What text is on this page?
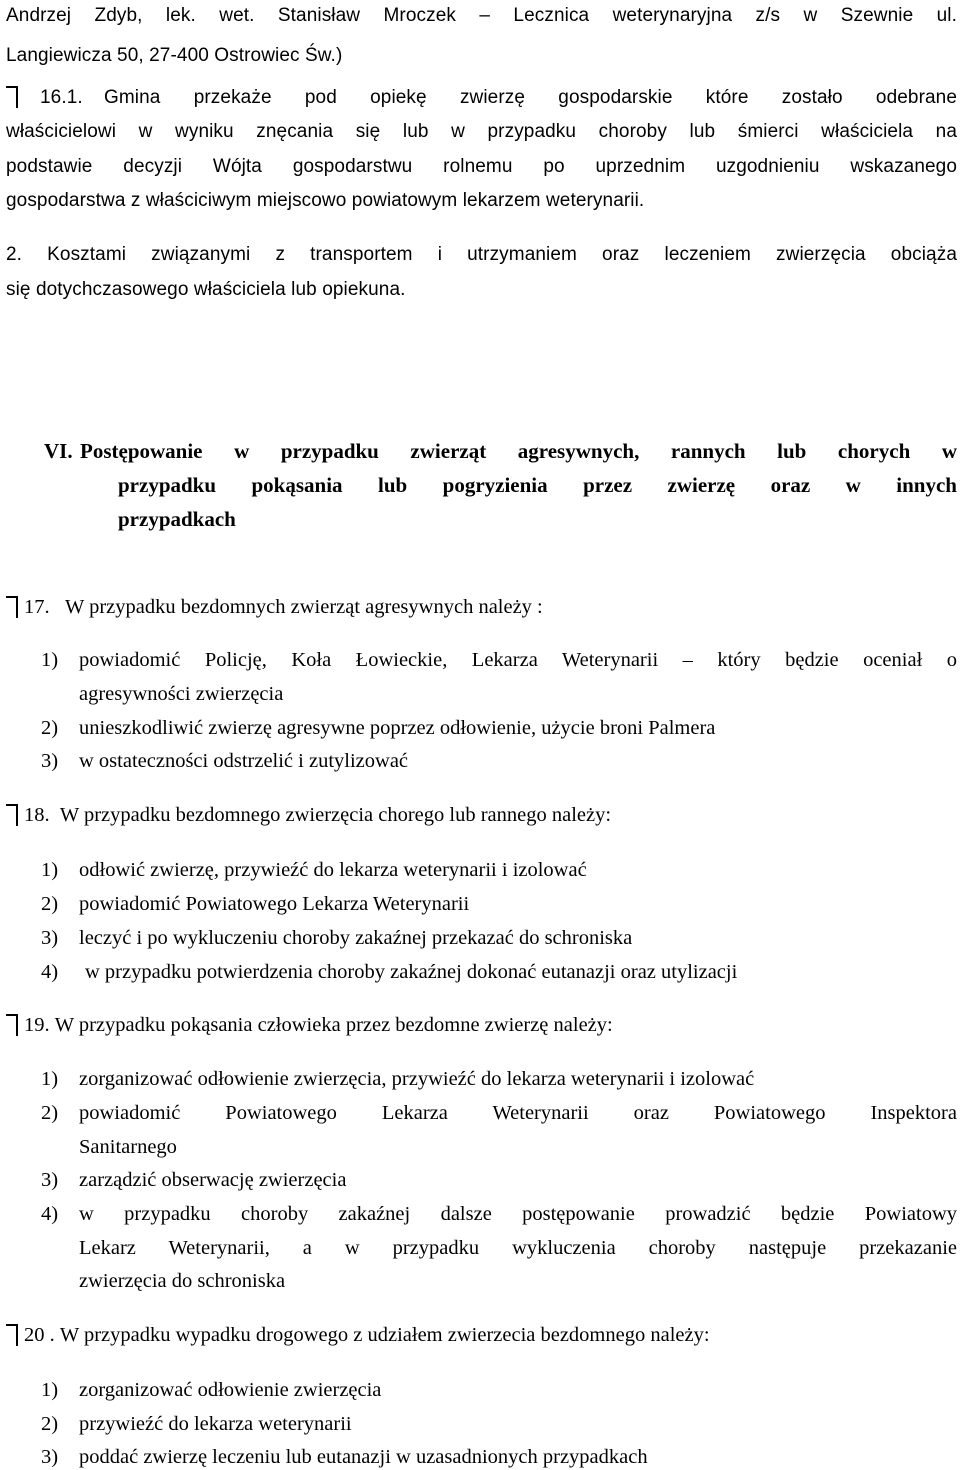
Andrzej Zdyb, lek. wet. Stanisław Mroczek – Lecznica weterynaryjna z/s w Szewnie ul.
Langiewicza 50, 27-400 Ostrowiec Św.)
16.1.	Gmina przekaże pod opiekę zwierzę gospodarskie które zostało odebrane
właścicielowi w wyniku znęcania się lub w przypadku choroby lub śmierci właściciela na
podstawie decyzji Wójta gospodarstwu rolnemu po uprzednim uzgodnieniu wskazanego
gospodarstwa z właściciwym miejscowo powiatowym lekarzem weterynarii.
2. Kosztami związanymi z transportem i utrzymaniem oraz leczeniem zwierzęcia obciąża
się dotychczasowego właściciela lub opiekuna.
VI. Postępowanie w przypadku zwierząt agresywnych, rannych lub chorych w
przypadku pokąsania lub pogryzienia przez zwierzę oraz w innych
przypadkach
17. W przypadku bezdomnych zwierząt agresywnych należy :
1)	powiadomić Policję, Koła Łowieckie, Lekarza Weterynarii – który będzie oceniał o
agresywności zwierzęcia
2) unieszkodliwić zwierzę agresywne poprzez odłowienie, użycie broni Palmera
3) w ostateczności odstrzelić i zutylizować
18. W przypadku bezdomnego zwierzęcia chorego lub rannego należy:
1) odłowić zwierzę, przywieźć do lekarza weterynarii i izolować
2) powiadomić Powiatowego Lekarza Weterynarii
3) leczyć i po wykluczeniu choroby zakaźnej przekazać do schroniska
4) w przypadku potwierdzenia choroby zakaźnej dokonać eutanazji oraz utylizacji
19. W przypadku pokąsania człowieka przez bezdomne zwierzę należy:
1) zorganizować odłowienie zwierzęcia, przywieźć do lekarza weterynarii i izolować
2)	powiadomić Powiatowego Lekarza Weterynarii oraz Powiatowego Inspektora
Sanitarnego
3) zarządzić obserwację zwierzęcia
4)	w przypadku choroby zakaźnej dalsze postępowanie prowadzić będzie Powiatowy
Lekarz Weterynarii, a w przypadku wykluczenia choroby następuje przekazanie
zwierzęcia do schroniska
20 . W przypadku wypadku drogowego z udziałem zwierzecia bezdomnego należy:
1) zorganizować odłowienie zwierzęcia
2) przywieźć do lekarza weterynarii
3) poddać zwierzę leczeniu lub eutanazji w uzasadnionych przypadkach
